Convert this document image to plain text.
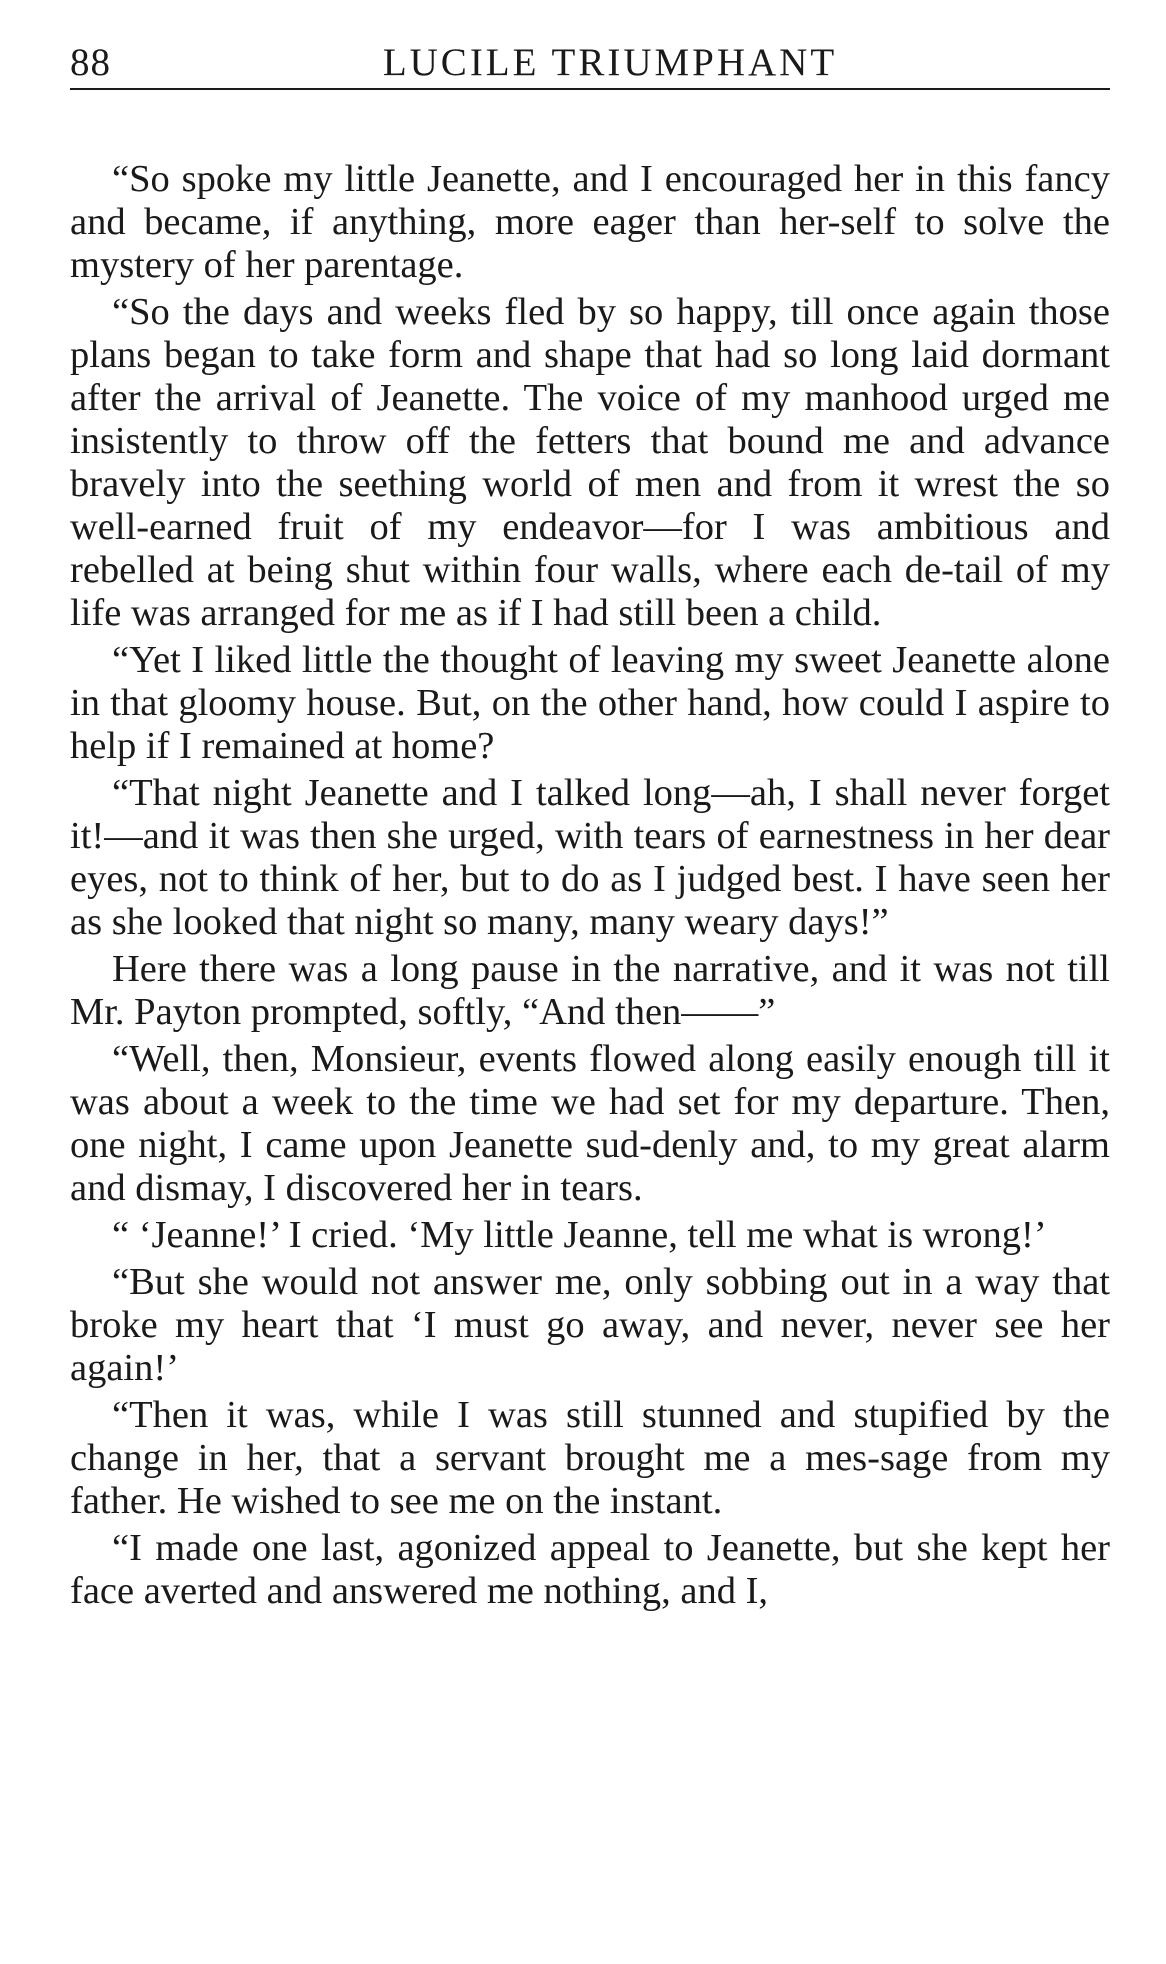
88	LUCILE TRIUMPHANT

“So spoke my little Jeanette, and I encouraged her in this fancy and became, if anything, more eager than her-self to solve the mystery of her parentage.

“So the days and weeks fled by so happy, till once again those plans began to take form and shape that had so long laid dormant after the arrival of Jeanette. The voice of my manhood urged me insistently to throw off the fetters that bound me and advance bravely into the seething world of men and from it wrest the so well-earned fruit of my endeavor—for I was ambitious and rebelled at being shut within four walls, where each de-tail of my life was arranged for me as if I had still been a child.

“Yet I liked little the thought of leaving my sweet Jeanette alone in that gloomy house. But, on the other hand, how could I aspire to help if I remained at home?

“That night Jeanette and I talked long—ah, I shall never forget it!—and it was then she urged, with tears of earnestness in her dear eyes, not to think of her, but to do as I judged best. I have seen her as she looked that night so many, many weary days!”

Here there was a long pause in the narrative, and it was not till Mr. Payton prompted, softly, “And then——”

“Well, then, Monsieur, events flowed along easily enough till it was about a week to the time we had set for my departure. Then, one night, I came upon Jeanette sud-denly and, to my great alarm and dismay, I discovered her in tears.

“ ‘Jeanne!’ I cried. ‘My little Jeanne, tell me what is wrong!’

“But she would not answer me, only sobbing out in a way that broke my heart that ‘I must go away, and never, never see her again!’

“Then it was, while I was still stunned and stupified by the change in her, that a servant brought me a mes-sage from my father. He wished to see me on the instant.

“I made one last, agonized appeal to Jeanette, but she kept her face averted and answered me nothing, and I,
